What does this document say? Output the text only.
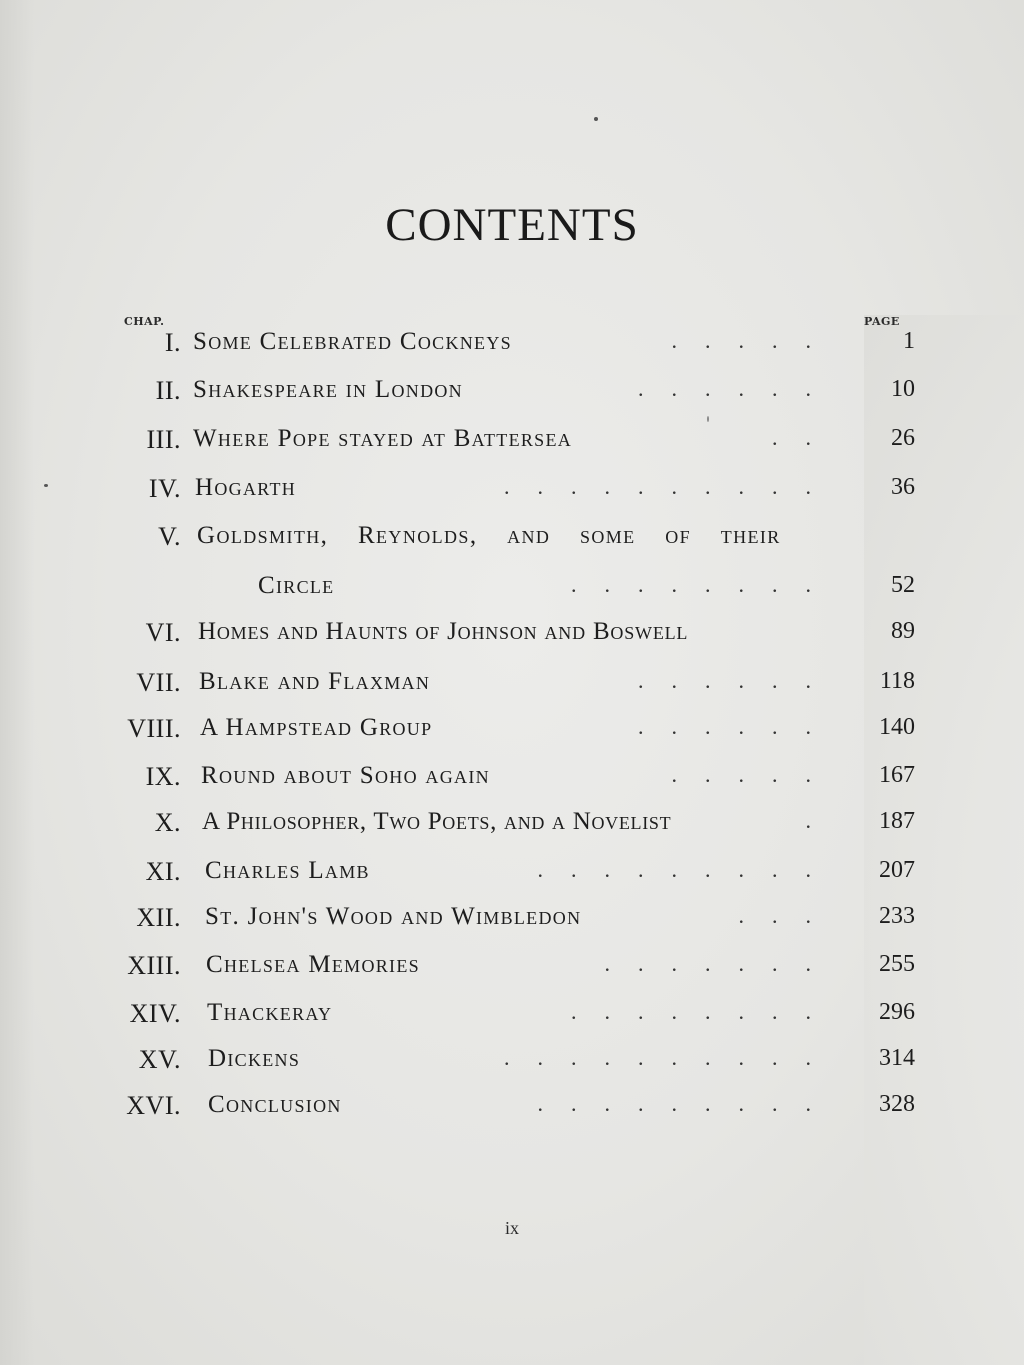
CONTENTS
CHAP.	PAGE
I. Some Celebrated Cockneys	.....	1
II. Shakespeare in London	......	10
III. Where Pope stayed at Battersea	..	26
IV. Hogarth	..........	36
V. Goldsmith, Reynolds, and some of their
Circle	........	52
VI. Homes and Haunts of Johnson and Boswell	89
VII. Blake and Flaxman	......	118
VIII. A Hampstead Group	......	140
IX. Round about Soho again	.....	167
X. A Philosopher, Two Poets, and a Novelist	.	187
XI. Charles Lamb	.........	207
XII. St. John's Wood and Wimbledon	...	233
XIII. Chelsea Memories	.......	255
XIV. Thackeray	........	296
XV. Dickens	..........	314
XVI. Conclusion	.........	328
ix
